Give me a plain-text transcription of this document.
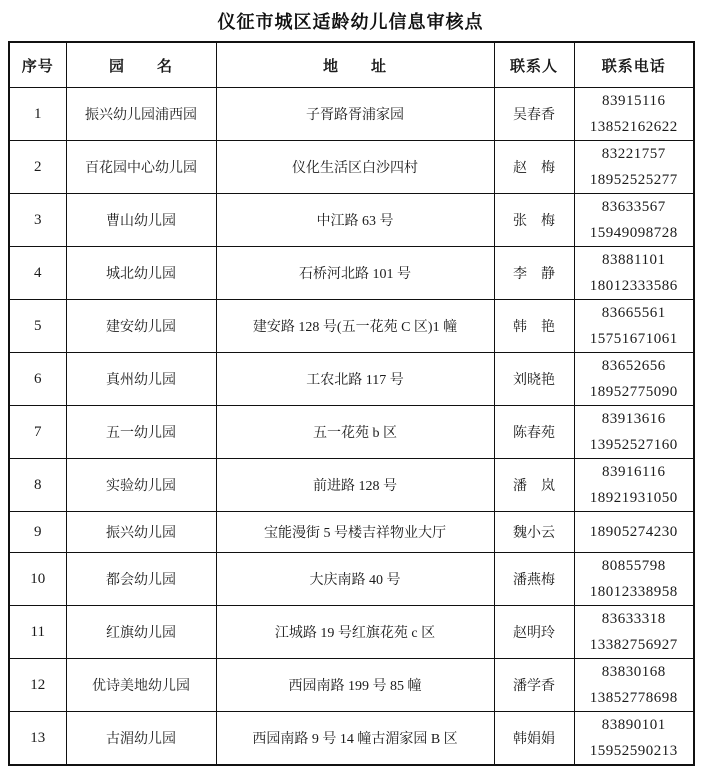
仪征市城区适龄幼儿信息审核点
序号	园　　名	地　　址	联系人	联系电话
1	振兴幼儿园浦西园	子胥路胥浦家园	吴春香	83915116
13852162622

2	百花园中心幼儿园	仪化生活区白沙四村	赵　梅	83221757
18952525277

3	曹山幼儿园	中江路 63 号	张　梅	83633567
15949098728

4	城北幼儿园	石桥河北路 101 号	李　静	83881101
18012333586

5	建安幼儿园	建安路 128 号(五一花苑 C 区)1 幢	韩　艳	83665561
15751671061

6	真州幼儿园	工农北路 117 号	刘晓艳	83652656
18952775090

7	五一幼儿园	五一花苑 b 区	陈春苑	83913616
13952527160

8	实验幼儿园	前进路 128 号	潘　岚	83916116
18921931050

9	振兴幼儿园	宝能漫街 5 号楼吉祥物业大厅	魏小云	18905274230

10	都会幼儿园	大庆南路 40 号	潘燕梅	80855798
18012338958

11	红旗幼儿园	江城路 19 号红旗花苑 c 区	赵明玲	83633318
13382756927

12	优诗美地幼儿园	西园南路 199 号 85 幢	潘学香	83830168
13852778698

13	古湄幼儿园	西园南路 9 号 14 幢古湄家园 B 区	韩娟娟	83890101
15952590213
